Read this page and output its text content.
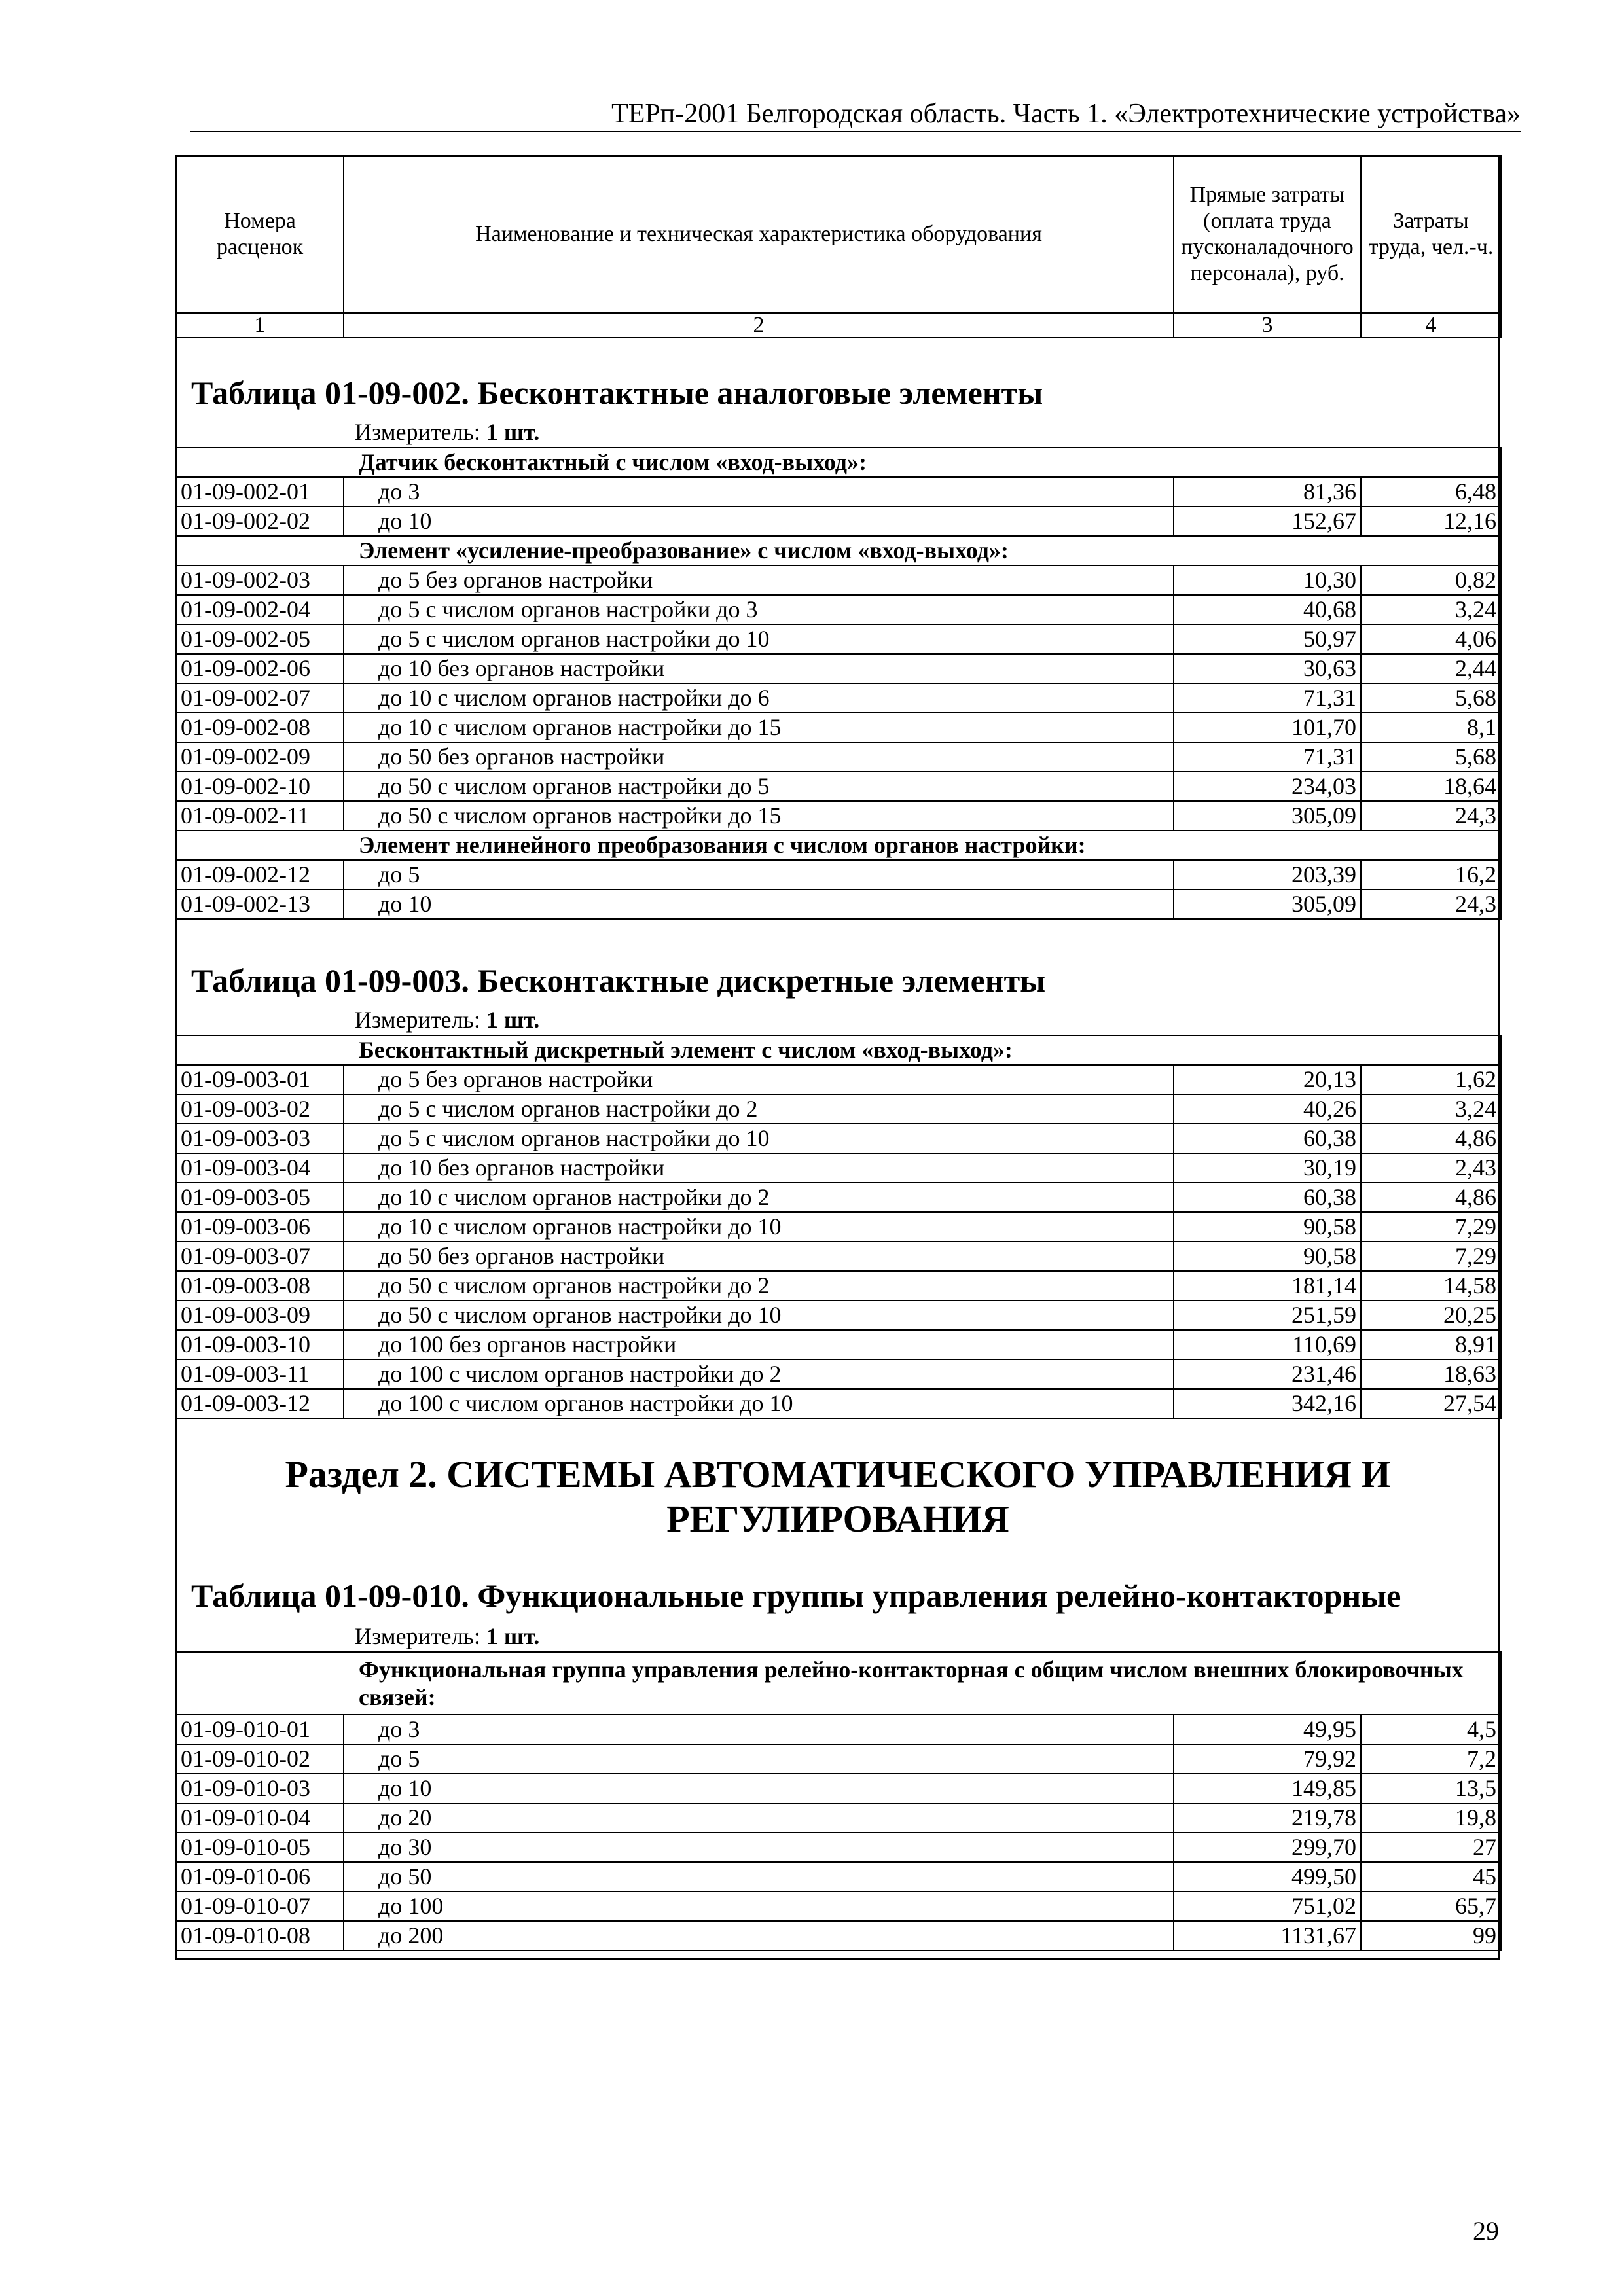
ТЕРп-2001 Белгородская область. Часть 1. «Электротехнические устройства»
Номера расценок	Наименование и техническая характеристика оборудования	Прямые затраты (оплата труда пусконаладочного персонала), руб.	Затраты труда, чел.-ч.
1	2	3	4
Таблица 01-09-002. Бесконтактные аналоговые элементы
Измеритель: 1 шт.
Датчик бесконтактный с числом «вход-выход»:			
01-09-002-01	до 3	81,36	6,48
01-09-002-02	до 10	152,67	12,16
Элемент «усиление-преобразование» с числом «вход-выход»:			
01-09-002-03	до 5 без органов настройки	10,30	0,82
01-09-002-04	до 5 с числом органов настройки до 3	40,68	3,24
01-09-002-05	до 5 с числом органов настройки до 10	50,97	4,06
01-09-002-06	до 10 без органов настройки	30,63	2,44
01-09-002-07	до 10 с числом органов настройки до 6	71,31	5,68
01-09-002-08	до 10 с числом органов настройки до 15	101,70	8,1
01-09-002-09	до 50 без органов настройки	71,31	5,68
01-09-002-10	до 50 с числом органов настройки до 5	234,03	18,64
01-09-002-11	до 50 с числом органов настройки до 15	305,09	24,3
Элемент нелинейного преобразования с числом органов настройки:			
01-09-002-12	до 5	203,39	16,2
01-09-002-13	до 10	305,09	24,3
Таблица 01-09-003. Бесконтактные дискретные элементы
Измеритель: 1 шт.
Бесконтактный дискретный элемент с числом «вход-выход»:			
01-09-003-01	до 5 без органов настройки	20,13	1,62
01-09-003-02	до 5 с числом органов настройки до 2	40,26	3,24
01-09-003-03	до 5 с числом органов настройки до 10	60,38	4,86
01-09-003-04	до 10 без органов настройки	30,19	2,43
01-09-003-05	до 10 с числом органов настройки до 2	60,38	4,86
01-09-003-06	до 10 с числом органов настройки до 10	90,58	7,29
01-09-003-07	до 50 без органов настройки	90,58	7,29
01-09-003-08	до 50 с числом органов настройки до 2	181,14	14,58
01-09-003-09	до 50 с числом органов настройки до 10	251,59	20,25
01-09-003-10	до 100 без органов настройки	110,69	8,91
01-09-003-11	до 100 с числом органов настройки до 2	231,46	18,63
01-09-003-12	до 100 с числом органов настройки до 10	342,16	27,54
Раздел 2. СИСТЕМЫ АВТОМАТИЧЕСКОГО УПРАВЛЕНИЯ И
РЕГУЛИРОВАНИЯ
Таблица 01-09-010. Функциональные группы управления релейно-контакторные
Измеритель: 1 шт.
Функциональная группа управления релейно-контакторная с общим числом внешних блокировочных связей:			
01-09-010-01	до 3	49,95	4,5
01-09-010-02	до 5	79,92	7,2
01-09-010-03	до 10	149,85	13,5
01-09-010-04	до 20	219,78	19,8
01-09-010-05	до 30	299,70	27
01-09-010-06	до 50	499,50	45
01-09-010-07	до 100	751,02	65,7
01-09-010-08	до 200	1131,67	99
29
